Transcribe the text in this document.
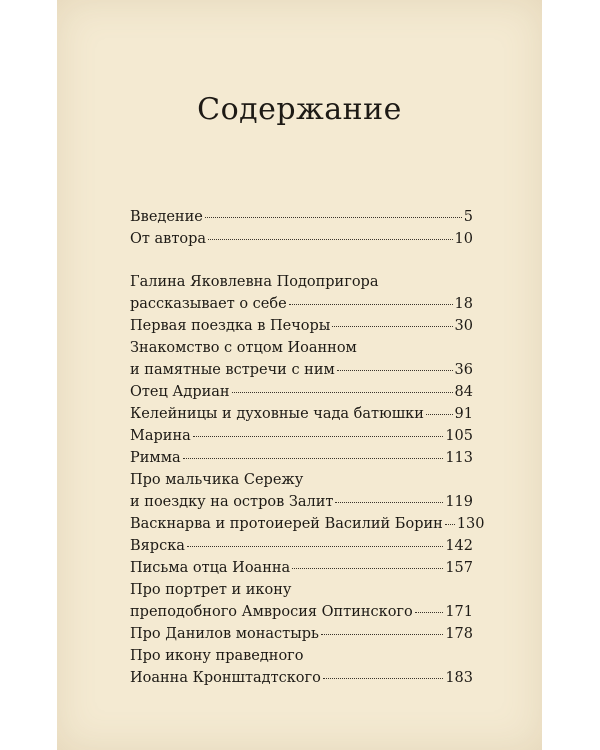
Содержание
Введение	5
От автора	10
Галина Яковлевна Подопригора
рассказывает о себе	18
Первая поездка в Печоры	30
Знакомство с отцом Иоанном
и памятные встречи с ним	36
Отец Адриан	84
Келейницы и духовные чада батюшки 91
Марина	105
Римма	113
Про мальчика Сережу
и поездку на остров Залит	119
Васкнарва и протоиерей Василий Борин 130
Вярска	142
Письма отца Иоанна	157
Про портрет и икону
преподобного Амвросия Оптинского 171
Про Данилов монастырь	178
Про икону праведного
Иоанна Кронштадтского	183
